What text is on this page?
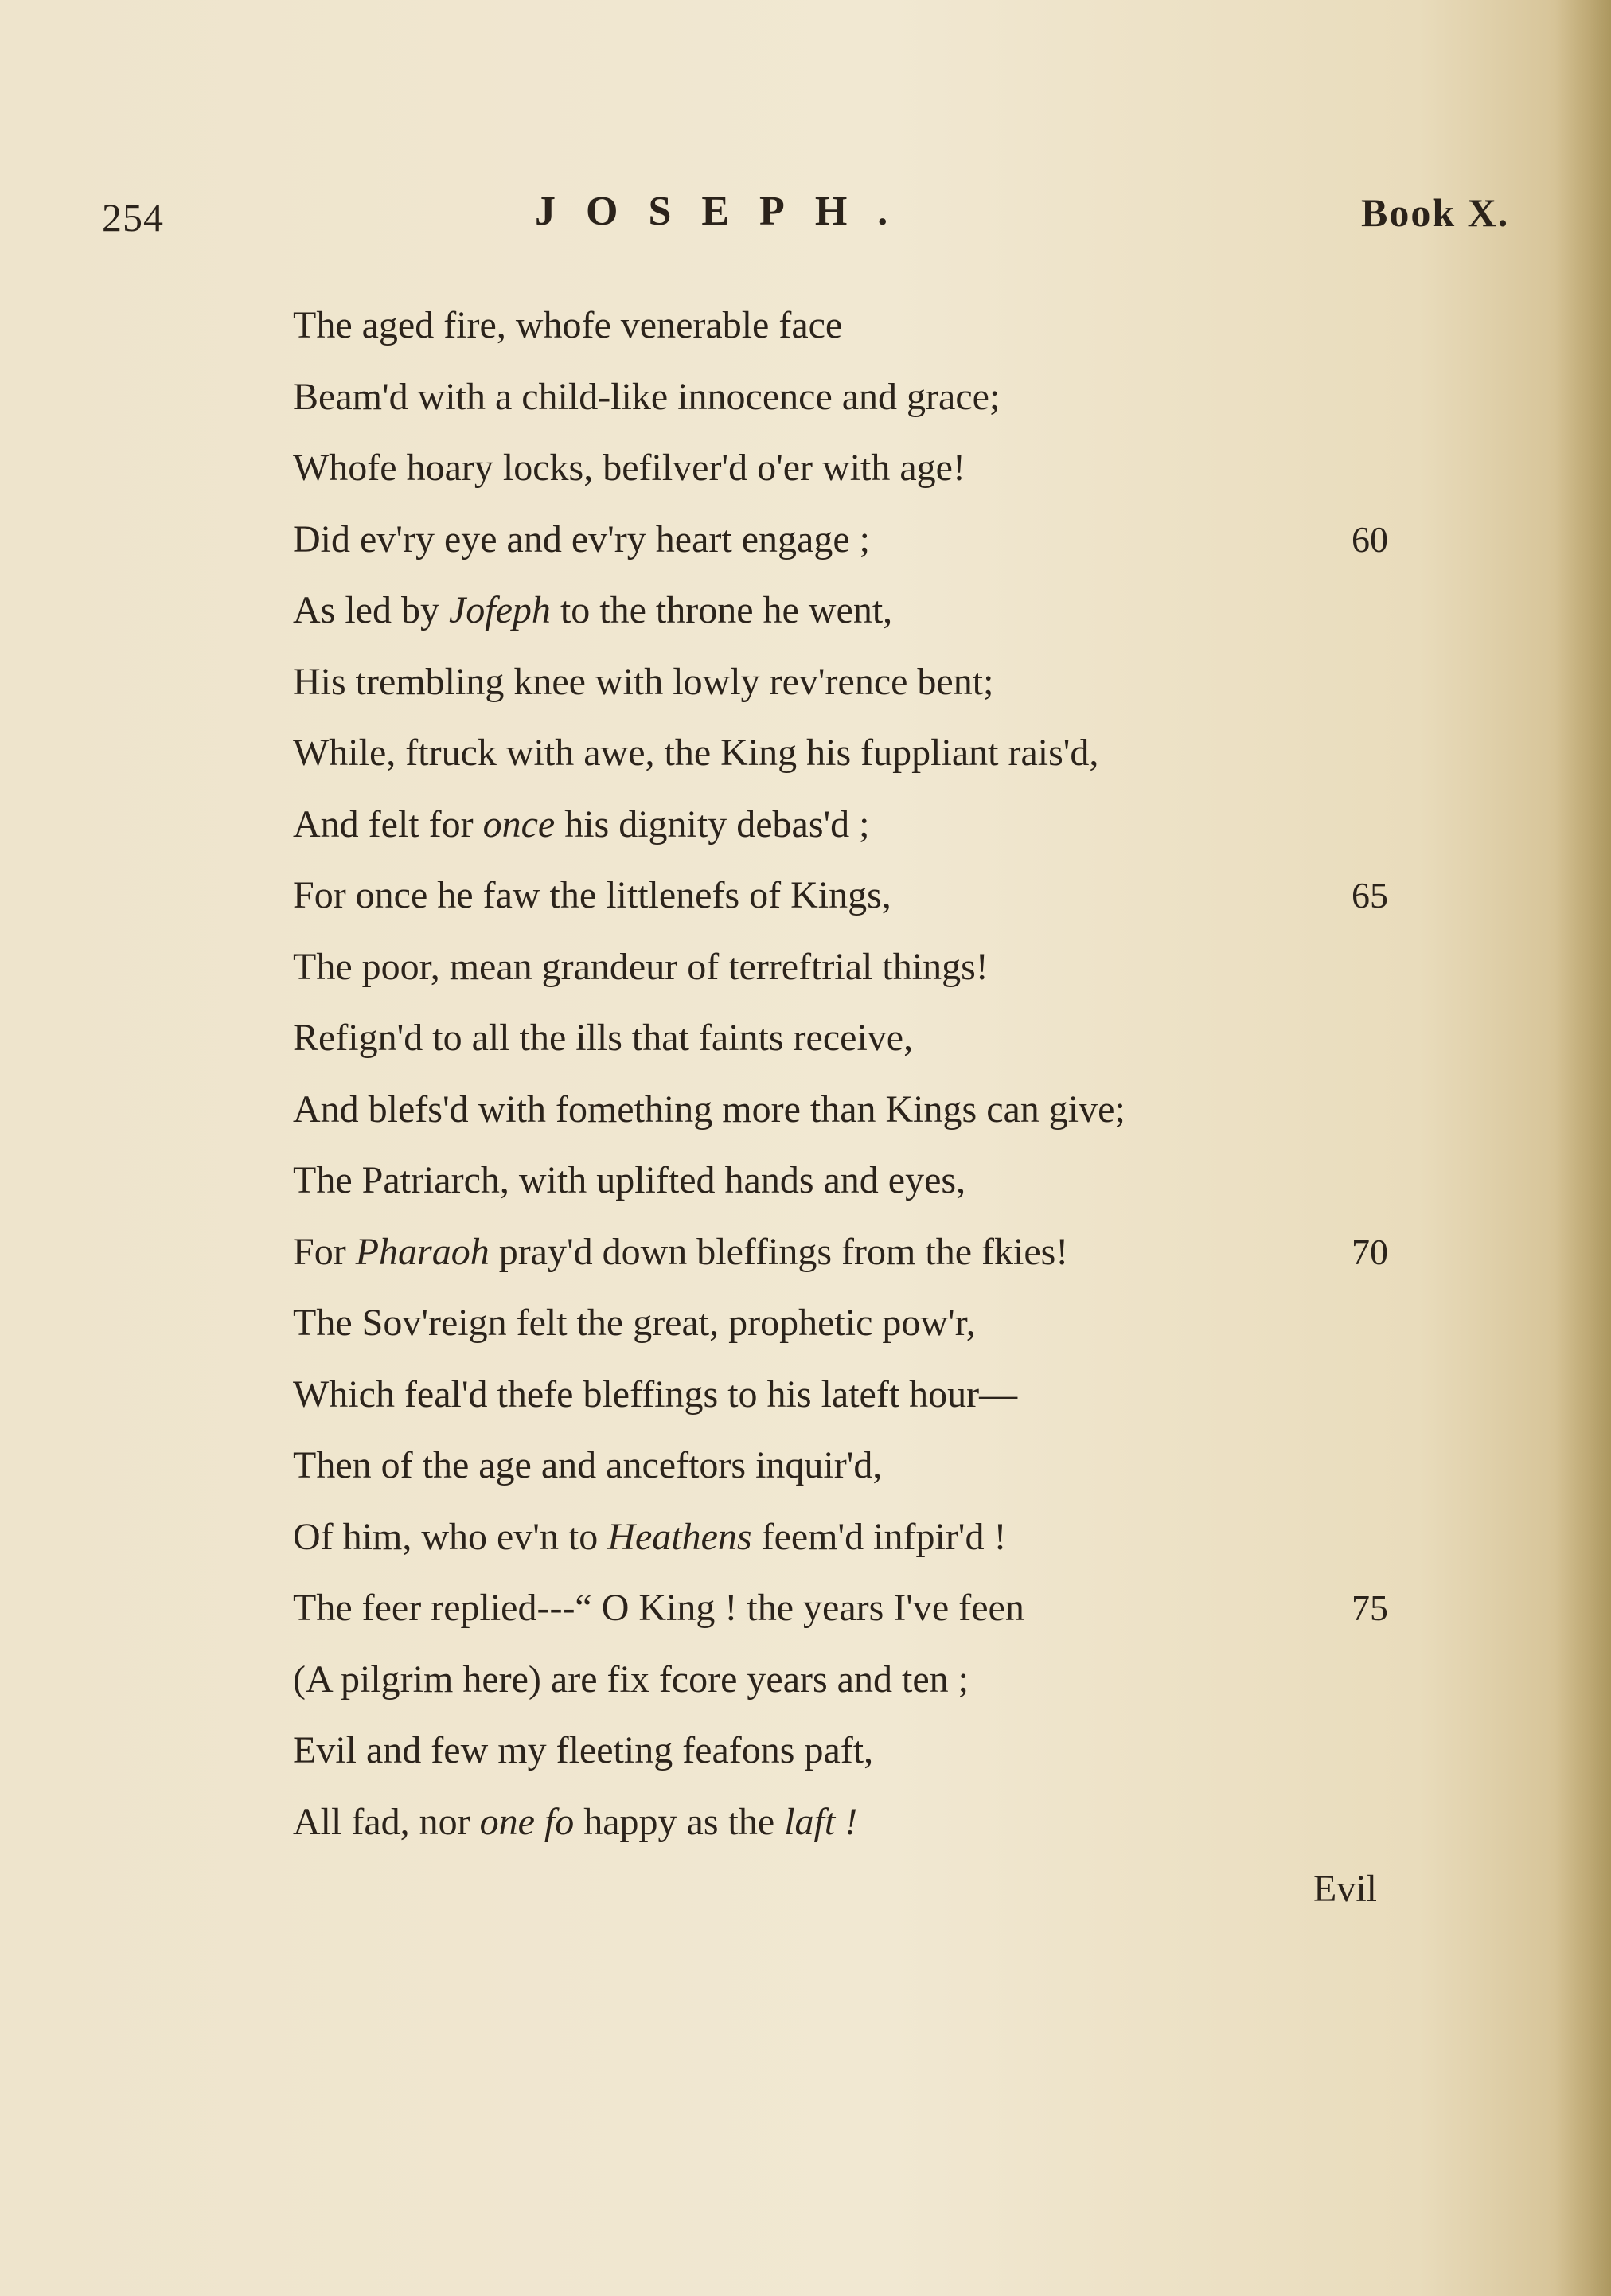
254	JOSEPH.	Book X.
The aged fire, whofe venerable face
Beam'd with a child-like innocence and grace;
Whofe hoary locks, befilver'd o'er with age!
Did ev'ry eye and ev'ry heart engage ;	60
As led by Jofeph to the throne he went,
His trembling knee with lowly rev'rence bent;
While, ftruck with awe, the King his fuppliant rais'd,
And felt for once his dignity debas'd ;
For once he faw the littlenefs of Kings,	65
The poor, mean grandeur of terreftrial things!
Refign'd to all the ills that faints receive,
And blefs'd with fomething more than Kings can give;
The Patriarch, with uplifted hands and eyes,
For Pharaoh pray'd down bleffings from the fkies!	70
The Sov'reign felt the great, prophetic pow'r,
Which feal'd thefe bleffings to his lateft hour—
Then of the age and anceftors inquir'd,
Of him, who ev'n to Heathens feem'd infpir'd !
The feer replied---“ O King ! the years I've feen	75
(A pilgrim here) are fix fcore years and ten ;
Evil and few my fleeting feafons paft,
All fad, nor one fo happy as the laft !
Evil
